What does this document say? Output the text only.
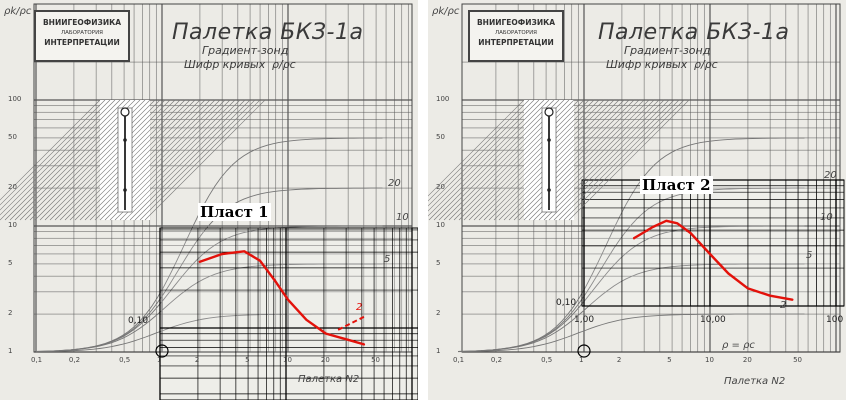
ВНИИГЕОФИЗИКА
ЛАБОРАТОРИЯ
ИНТЕРПРЕТАЦИИ	Палетка БКЗ-1а
Градиент-зонд
Шифр кривых ρ/ρc
ρk/ρc
100
50
20
10
5
2
1
0,1	0,2	0,5	1	2	5	10	20	50
20
10
5
2
Пласт 1
0,10
Палетка N2
ВНИИГЕОФИЗИКА
ЛАБОРАТОРИЯ
ИНТЕРПРЕТАЦИИ	Палетка БКЗ-1а
Градиент-зонд
Шифр кривых ρ/ρc
ρk/ρc
100
50
20
10
5
2
1
0,1	0,2	0,5	1	2	5	10	20	50
20
10
5
2
Пласт 2
0,10
1,00	10,00	100
ρ = ρc
Палетка N2
